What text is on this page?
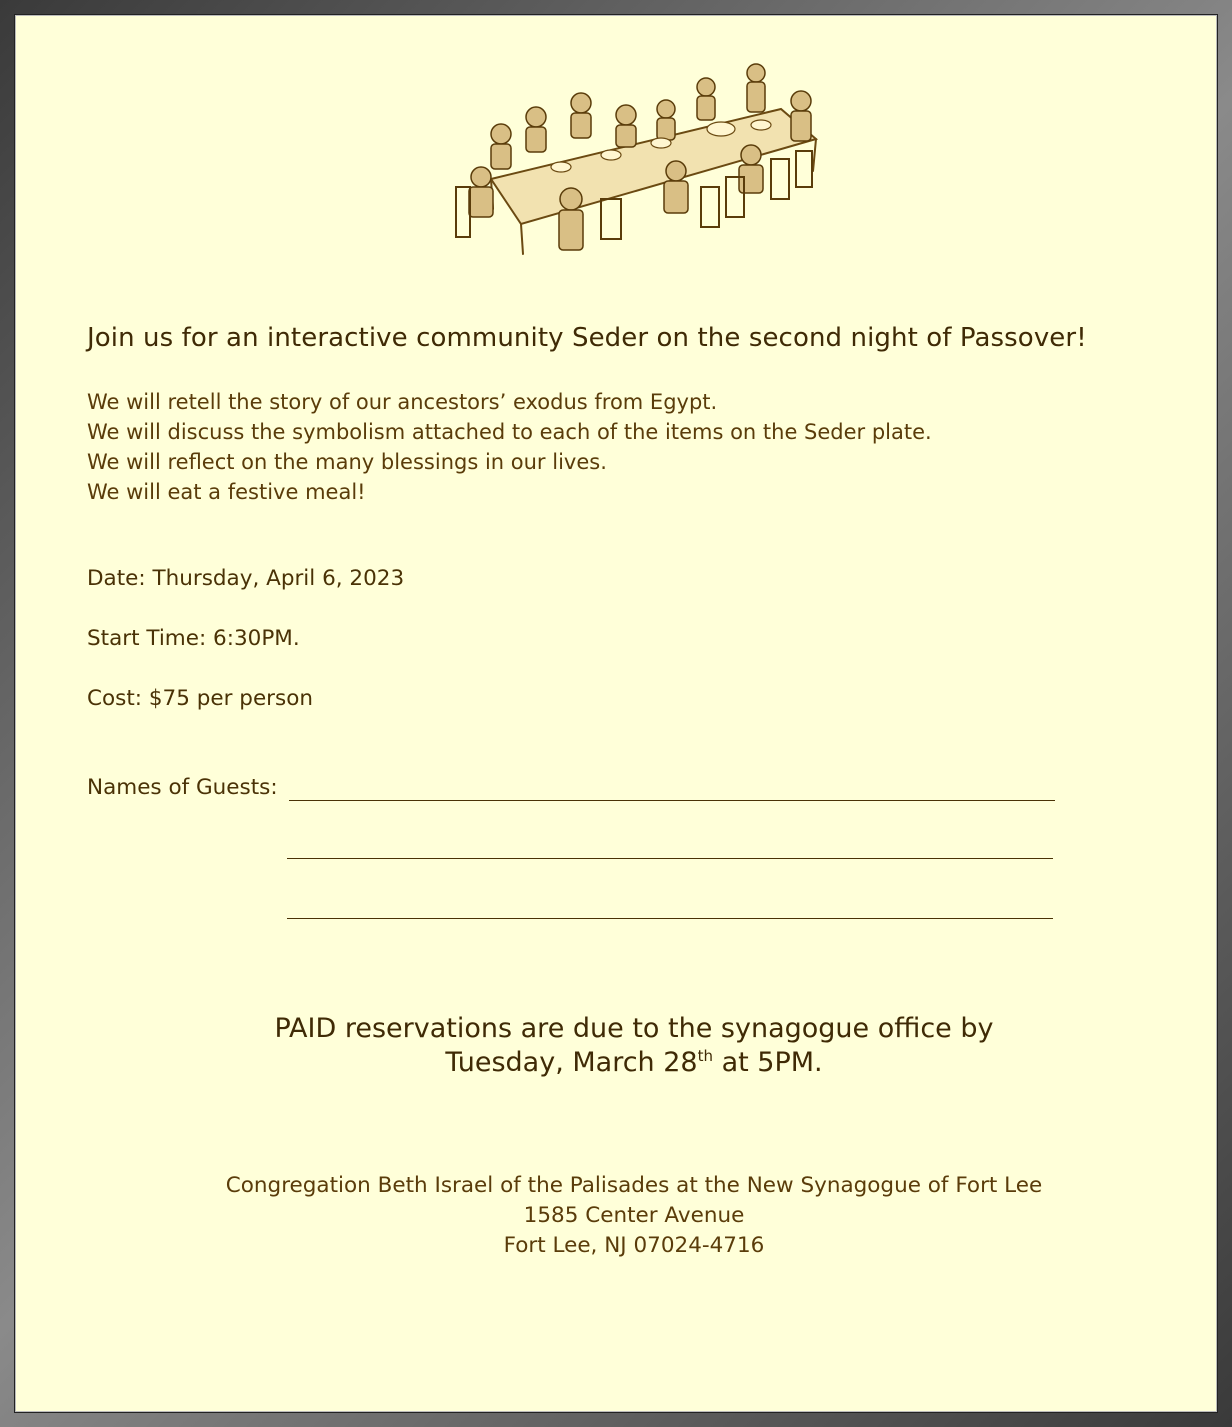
Join us for an interactive community Seder on the second night of Passover!

We will retell the story of our ancestors’ exodus from Egypt.
We will discuss the symbolism attached to each of the items on the Seder plate.
We will reflect on the many blessings in our lives.
We will eat a festive meal!

Date: Thursday, April 6, 2023

Start Time: 6:30PM.

Cost: $75 per person

Names of Guests:

PAID reservations are due to the synagogue office by

Tuesday, March 28th at 5PM.

Congregation Beth Israel of the Palisades at the New Synagogue of Fort Lee

1585 Center Avenue

Fort Lee, NJ 07024-4716
